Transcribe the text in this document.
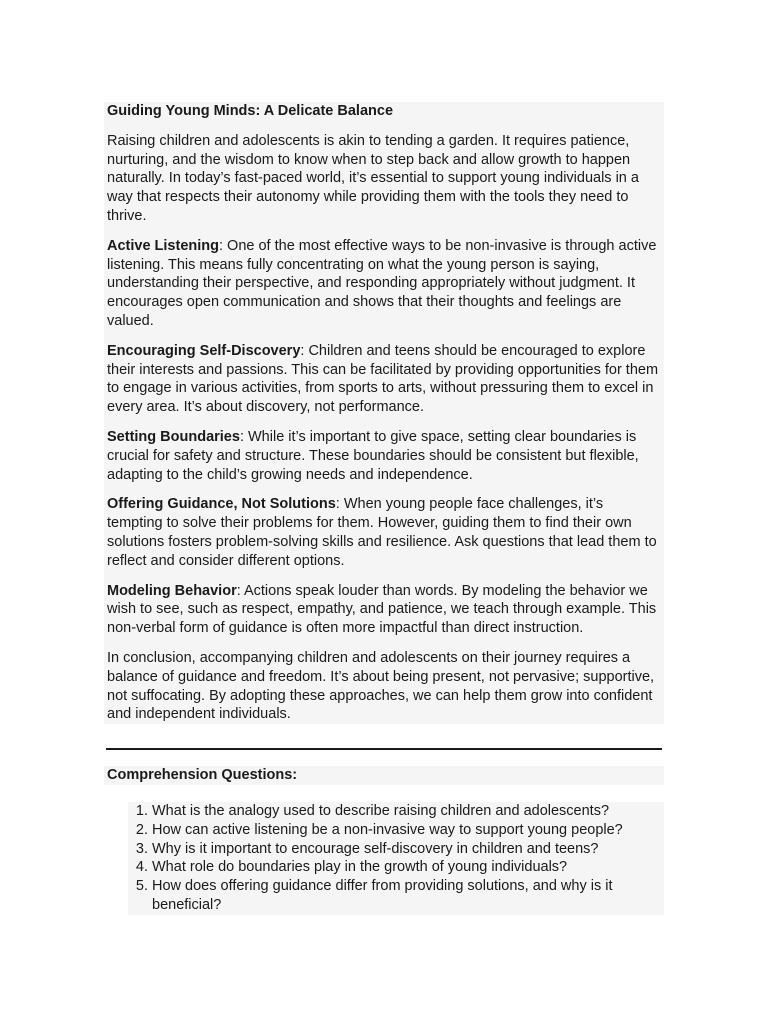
Guiding Young Minds: A Delicate Balance

Raising children and adolescents is akin to tending a garden. It requires patience, nurturing, and the wisdom to know when to step back and allow growth to happen naturally. In today’s fast-paced world, it’s essential to support young individuals in a way that respects their autonomy while providing them with the tools they need to thrive.

Active Listening: One of the most effective ways to be non-invasive is through active listening. This means fully concentrating on what the young person is saying, understanding their perspective, and responding appropriately without judgment. It encourages open communication and shows that their thoughts and feelings are valued.

Encouraging Self-Discovery: Children and teens should be encouraged to explore their interests and passions. This can be facilitated by providing opportunities for them to engage in various activities, from sports to arts, without pressuring them to excel in every area. It’s about discovery, not performance.

Setting Boundaries: While it’s important to give space, setting clear boundaries is crucial for safety and structure. These boundaries should be consistent but flexible, adapting to the child’s growing needs and independence.

Offering Guidance, Not Solutions: When young people face challenges, it’s tempting to solve their problems for them. However, guiding them to find their own solutions fosters problem-solving skills and resilience. Ask questions that lead them to reflect and consider different options.

Modeling Behavior: Actions speak louder than words. By modeling the behavior we wish to see, such as respect, empathy, and patience, we teach through example. This non-verbal form of guidance is often more impactful than direct instruction.

In conclusion, accompanying children and adolescents on their journey requires a balance of guidance and freedom. It’s about being present, not pervasive; supportive, not suffocating. By adopting these approaches, we can help them grow into confident and independent individuals.

Comprehension Questions:
1. What is the analogy used to describe raising children and adolescents?
2. How can active listening be a non-invasive way to support young people?
3. Why is it important to encourage self-discovery in children and teens?
4. What role do boundaries play in the growth of young individuals?
5. How does offering guidance differ from providing solutions, and why is it beneficial?
